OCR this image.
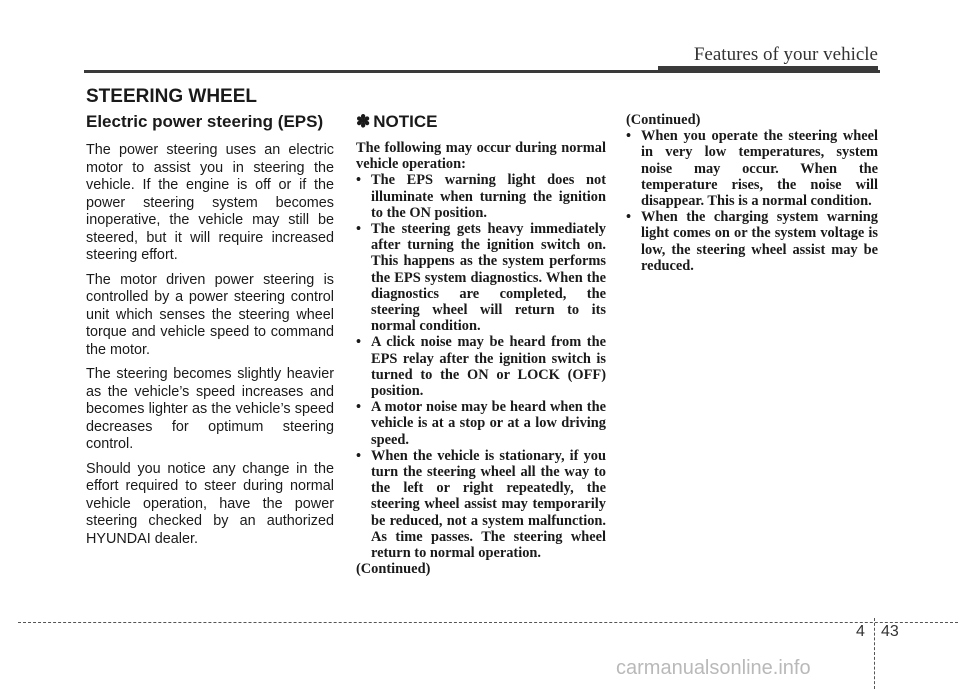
Features of your vehicle
STEERING WHEEL
Electric power steering (EPS)

The power steering uses an electric motor to assist you in steering the vehicle. If the engine is off or if the power steering system becomes inoperative, the vehicle may still be steered, but it will require increased steering effort.

The motor driven power steering is controlled by a power steering control unit which senses the steering wheel torque and vehicle speed to command the motor.

The steering becomes slightly heavier as the vehicle’s speed increases and becomes lighter as the vehicle’s speed decreases for optimum steering control.

Should you notice any change in the effort required to steer during normal vehicle operation, have the power steering checked by an authorized HYUNDAI dealer.

✽ NOTICE

The following may occur during normal vehicle operation:

• The EPS warning light does not illuminate when turning the ignition to the ON position.
• The steering gets heavy immediately after turning the ignition switch on. This happens as the system performs the EPS system diagnostics. When the diagnostics are completed, the steering wheel will return to its normal condition.
• A click noise may be heard from the EPS relay after the ignition switch is turned to the ON or LOCK (OFF) position.
• A motor noise may be heard when the vehicle is at a stop or at a low driving speed.
• When the vehicle is stationary, if you turn the steering wheel all the way to the left or right repeatedly, the steering wheel assist may temporarily be reduced, not a system malfunction. As time passes. The steering wheel return to normal operation.

(Continued)

(Continued)

• When you operate the steering wheel in very low temperatures, system noise may occur. When the temperature rises, the noise will disappear. This is a normal condition.
• When the charging system warning light comes on or the system voltage is low, the steering wheel assist may be reduced.
4 43
carmanualsonline.info
